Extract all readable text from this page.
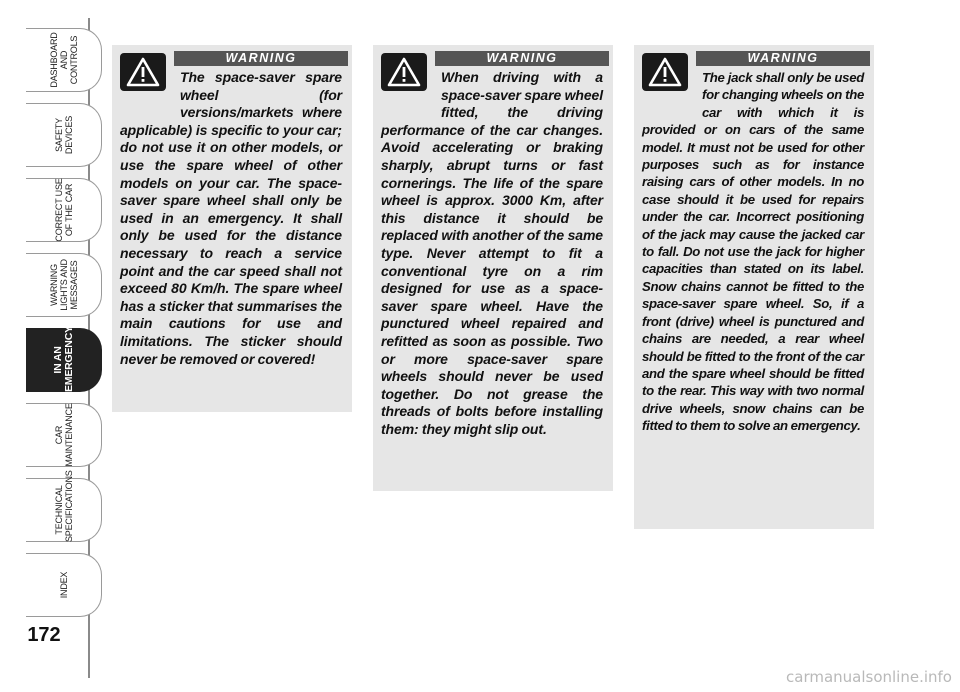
DASHBOARD AND CONTROLS
SAFETY DEVICES
CORRECT USE OF THE CAR
WARNING LIGHTS AND MESSAGES
IN AN EMERGENCY
CAR MAINTENANCE
TECHNICAL SPECIFICATIONS
INDEX
172
WARNING

The space-saver spare wheel (for versions/markets where applicable) is specific to your car; do not use it on other models, or use the spare wheel of other models on your car. The space-saver spare wheel shall only be used in an emergency. It shall only be used for the distance necessary to reach a service point and the car speed shall not exceed 80 Km/h. The spare wheel has a sticker that summarises the main cautions for use and limitations. The sticker should never be removed or covered!

WARNING

When driving with a space-saver spare wheel fitted, the driving performance of the car changes. Avoid accelerating or braking sharply, abrupt turns or fast cornerings. The life of the spare wheel is approx. 3000 Km, after this distance it should be replaced with another of the same type. Never attempt to fit a conventional tyre on a rim designed for use as a space-saver spare wheel. Have the punctured wheel repaired and refitted as soon as possible. Two or more space-saver spare wheels should never be used together. Do not grease the threads of bolts before installing them: they might slip out.

WARNING

The jack shall only be used for changing wheels on the car with which it is provided or on cars of the same model. It must not be used for other purposes such as for instance raising cars of other models. In no case should it be used for repairs under the car. Incorrect positioning of the jack may cause the jacked car to fall. Do not use the jack for higher capacities than stated on its label. Snow chains cannot be fitted to the space-saver spare wheel. So, if a front (drive) wheel is punctured and chains are needed, a rear wheel should be fitted to the front of the car and the spare wheel should be fitted to the rear. This way with two normal drive wheels, snow chains can be fitted to them to solve an emergency.

carmanualsonline.info
